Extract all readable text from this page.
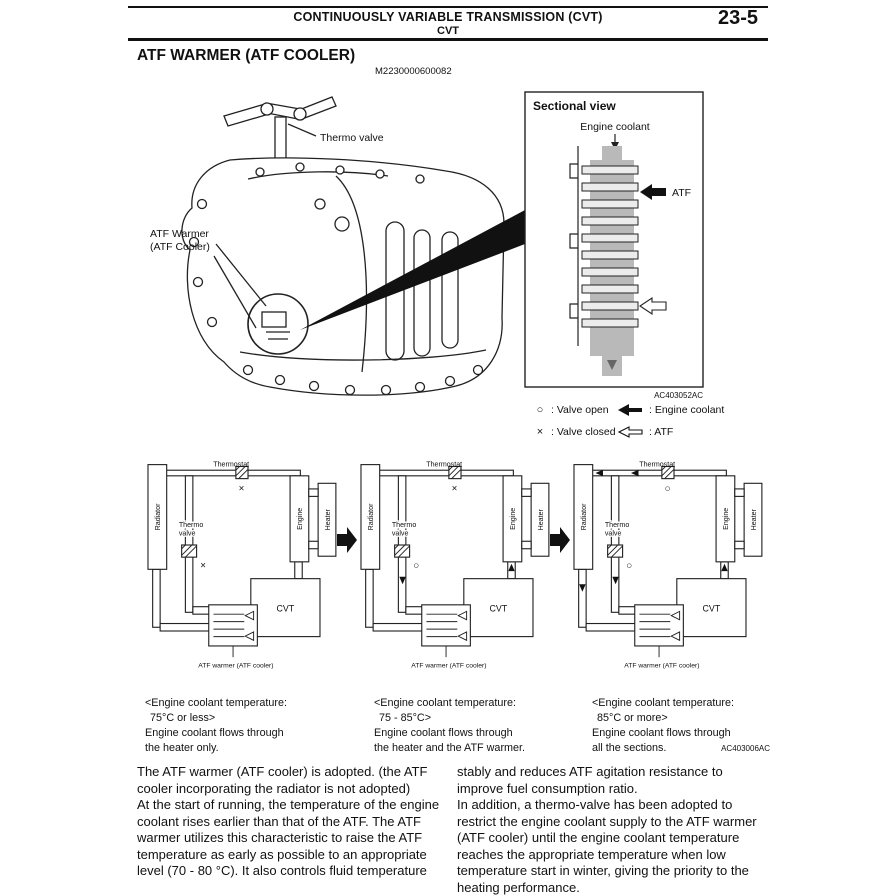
CONTINUOUSLY VARIABLE TRANSMISSION (CVT)
CVT
23-5
ATF WARMER (ATF COOLER)
M2230000600082
Thermo valve
ATF Warmer
(ATF Cooler)
Sectional view
Engine coolant
ATF
AC403052AC
○ : Valve open
× : Valve closed
: Engine coolant
: ATF
Thermostat
Radiator Thermo
valve
Engine	Heater
CVT
ATF warmer (ATF cooler)
×
×
Thermostat
Radiator Thermo
valve
Engine	Heater
CVT
ATF warmer (ATF cooler)
×
○
Thermostat
Radiator Thermo
valve
Engine	Heater
CVT
ATF warmer (ATF cooler)
○
○
<Engine coolant temperature:
75°C or less>
Engine coolant flows through
the heater only.
<Engine coolant temperature:
75 - 85°C>
Engine coolant flows through
the heater and the ATF warmer.
<Engine coolant temperature:
85°C or more>
Engine coolant flows through
all the sections.	AC403006AC

The ATF warmer (ATF cooler) is adopted. (the ATF cooler incorporating the radiator is not adopted)

At the start of running, the temperature of the engine coolant rises earlier than that of the ATF. The ATF warmer utilizes this characteristic to raise the ATF temperature as early as possible to an appropriate level (70 - 80 °C). It also controls fluid temperature

stably and reduces ATF agitation resistance to improve fuel consumption ratio.

In addition, a thermo-valve has been adopted to restrict the engine coolant supply to the ATF warmer (ATF cooler) until the engine coolant temperature reaches the appropriate temperature when low temperature start in winter, giving the priority to the heating performance.
